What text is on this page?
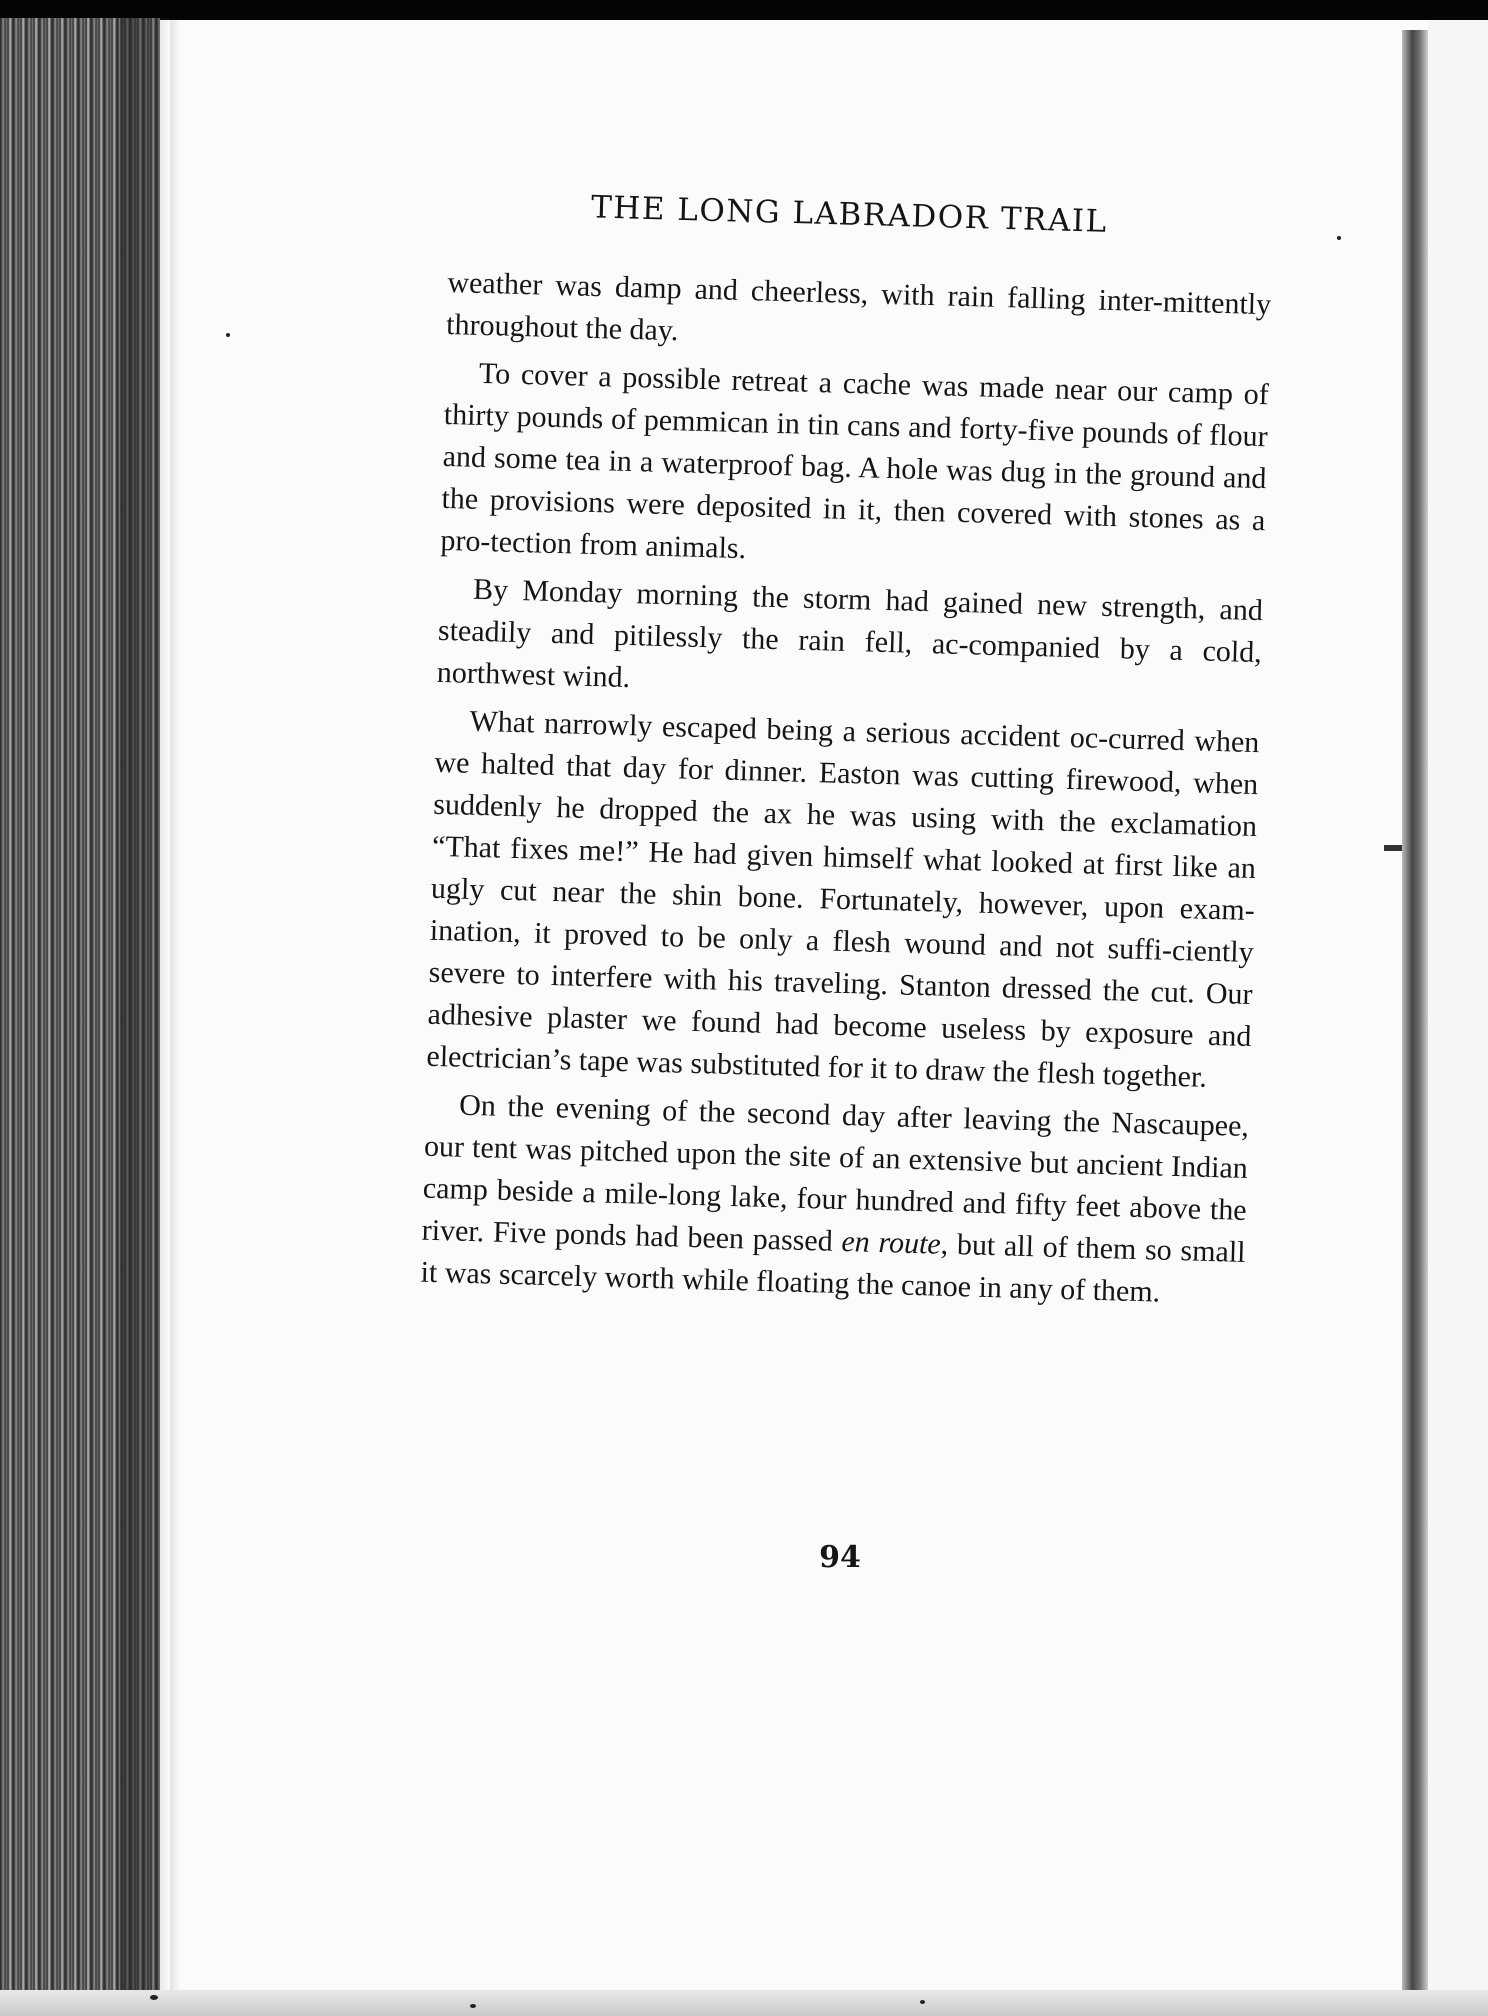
THE LONG LABRADOR TRAIL

weather was damp and cheerless, with rain falling inter-mittently throughout the day.

To cover a possible retreat a cache was made near our camp of thirty pounds of pemmican in tin cans and forty-five pounds of flour and some tea in a waterproof bag. A hole was dug in the ground and the provisions were deposited in it, then covered with stones as a pro-tection from animals.

By Monday morning the storm had gained new strength, and steadily and pitilessly the rain fell, ac-companied by a cold, northwest wind.

What narrowly escaped being a serious accident oc-curred when we halted that day for dinner. Easton was cutting firewood, when suddenly he dropped the ax he was using with the exclamation “That fixes me!” He had given himself what looked at first like an ugly cut near the shin bone. Fortunately, however, upon exam-ination, it proved to be only a flesh wound and not suffi-ciently severe to interfere with his traveling. Stanton dressed the cut. Our adhesive plaster we found had become useless by exposure and electrician’s tape was substituted for it to draw the flesh together.

On the evening of the second day after leaving the Nascaupee, our tent was pitched upon the site of an extensive but ancient Indian camp beside a mile-long lake, four hundred and fifty feet above the river. Five ponds had been passed en route, but all of them so small it was scarcely worth while floating the canoe in any of them.

94
